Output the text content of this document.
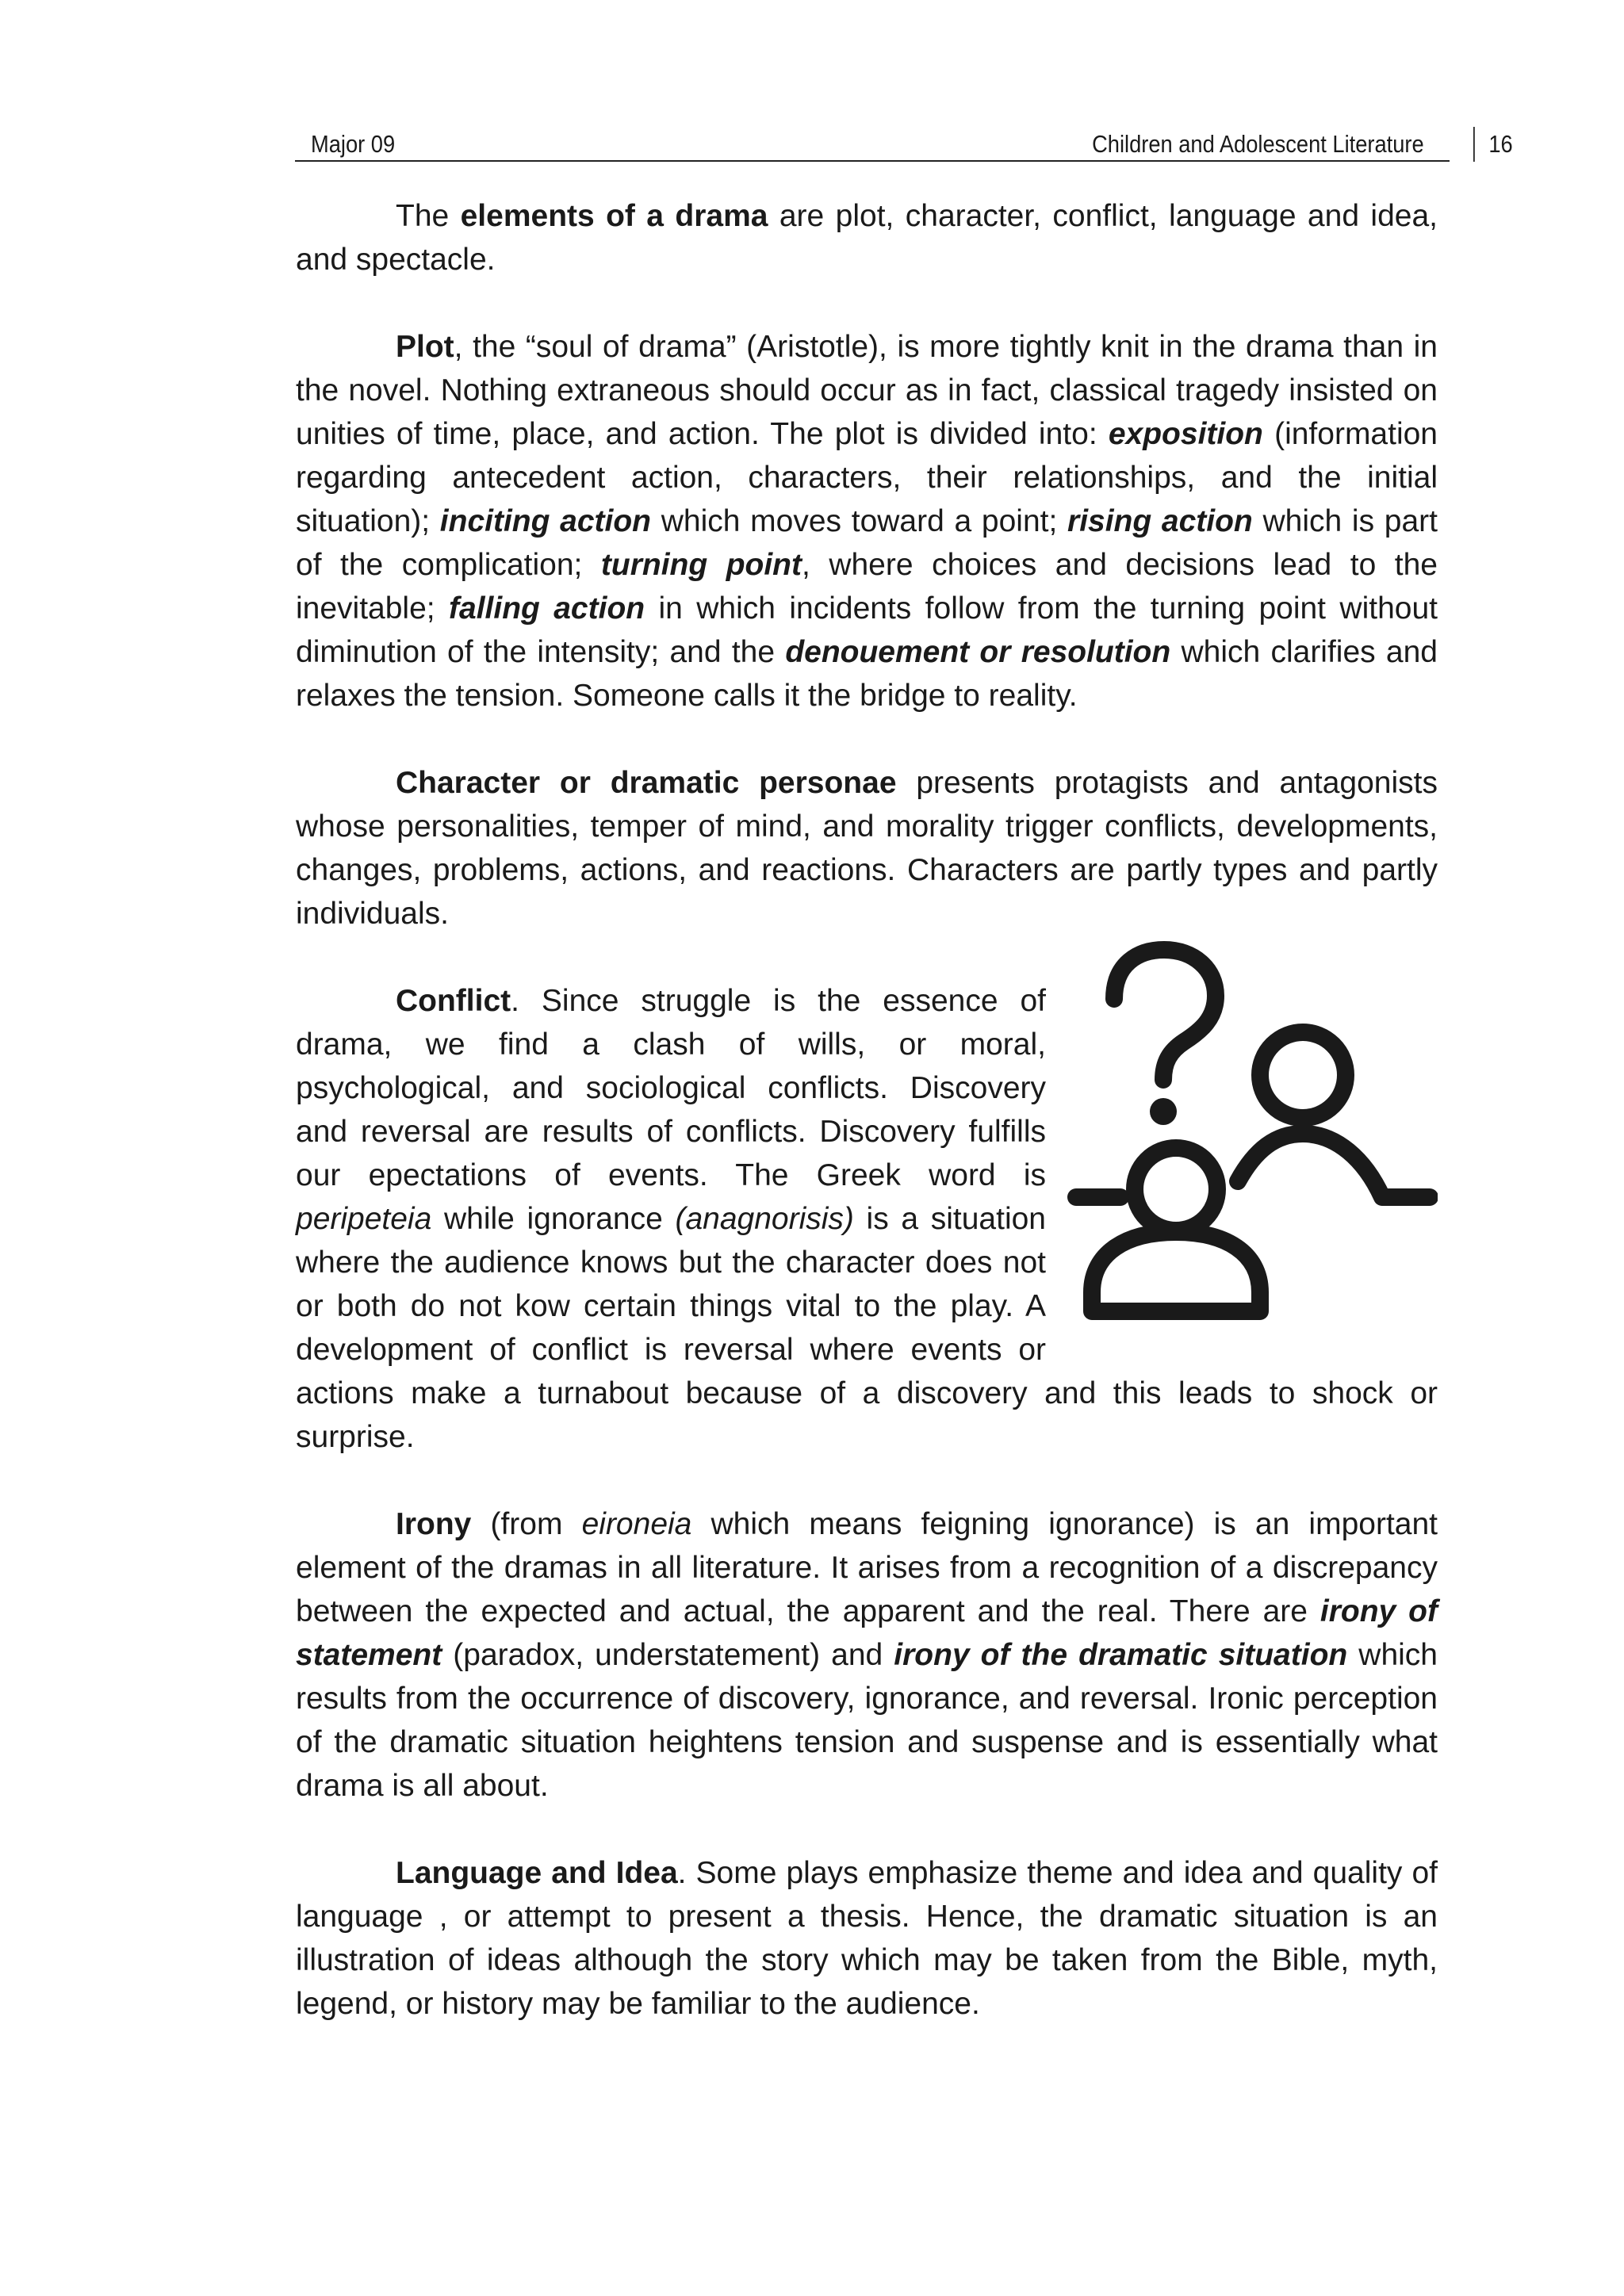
Major 09	Children and Adolescent Literature	16

The elements of a drama are plot, character, conflict, language and idea, and spectacle.

Plot, the “soul of drama” (Aristotle), is more tightly knit in the drama than in the novel. Nothing extraneous should occur as in fact, classical tragedy insisted on unities of time, place, and action. The plot is divided into: exposition (information regarding antecedent action, characters, their relationships, and the initial situation); inciting action which moves toward a point; rising action which is part of the complication; turning point, where choices and decisions lead to the inevitable; falling action in which incidents follow from the turning point without diminution of the intensity; and the denouement or resolution which clarifies and relaxes the tension. Someone calls it the bridge to reality.

Character or dramatic personae presents protagists and antagonists whose personalities, temper of mind, and morality trigger conflicts, developments, changes, problems, actions, and reactions. Characters are partly types and partly individuals.

Conflict. Since struggle is the essence of drama, we find a clash of wills, or moral, psychological, and sociological conflicts. Discovery and reversal are results of conflicts. Discovery fulfills our epectations of events. The Greek word is peripeteia while ignorance (anagnorisis) is a situation where the audience knows but the character does not or both do not kow certain things vital to the play. A development of conflict is reversal where events or actions make a turnabout because of a discovery and this leads to shock or surprise.

Irony (from eironeia which means feigning ignorance) is an important element of the dramas in all literature. It arises from a recognition of a discrepancy between the expected and actual, the apparent and the real. There are irony of statement (paradox, understatement) and irony of the dramatic situation which results from the occurrence of discovery, ignorance, and reversal. Ironic perception of the dramatic situation heightens tension and suspense and is essentially what drama is all about.

Language and Idea. Some plays emphasize theme and idea and quality of language , or attempt to present a thesis. Hence, the dramatic situation is an illustration of ideas although the story which may be taken from the Bible, myth, legend, or history may be familiar to the audience.
